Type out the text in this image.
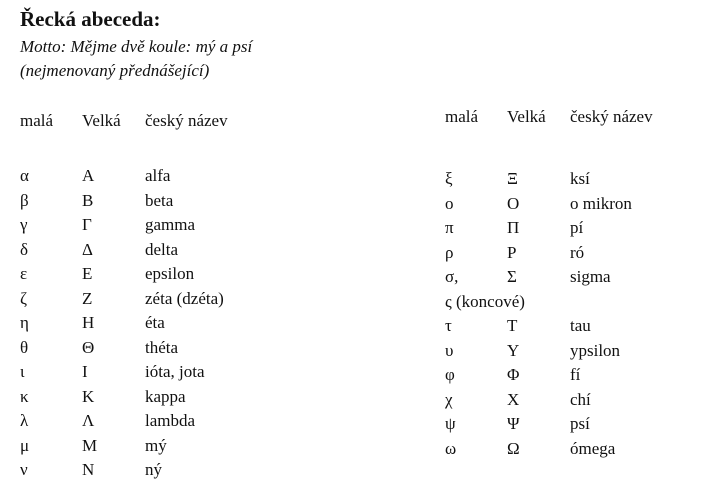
Řecká abeceda:
Motto: Mějme dvě koule: mý a psí
(nejmenovaný přednášející)
malá Velká český název
α	Α	alfa
β	Β	beta
γ	Γ	gamma
δ	Δ	delta
ε	Ε	epsilon
ζ	Ζ	zéta (dzéta)
η	Η	éta
θ	Θ	théta
ι	Ι	ióta, jota
κ	Κ	kappa
λ	Λ	lambda
μ	Μ	mý
ν	Ν	ný
malá Velká český název
ξ	Ξ	ksí
ο	Ο	o mikron
π	Π	pí
ρ	Ρ	ró
σ,	Σ	sigma
ς (koncové)
τ	Τ	tau
υ	Υ	ypsilon
φ	Φ	fí
χ	Χ	chí
ψ	Ψ	psí
ω	Ω	ómega
